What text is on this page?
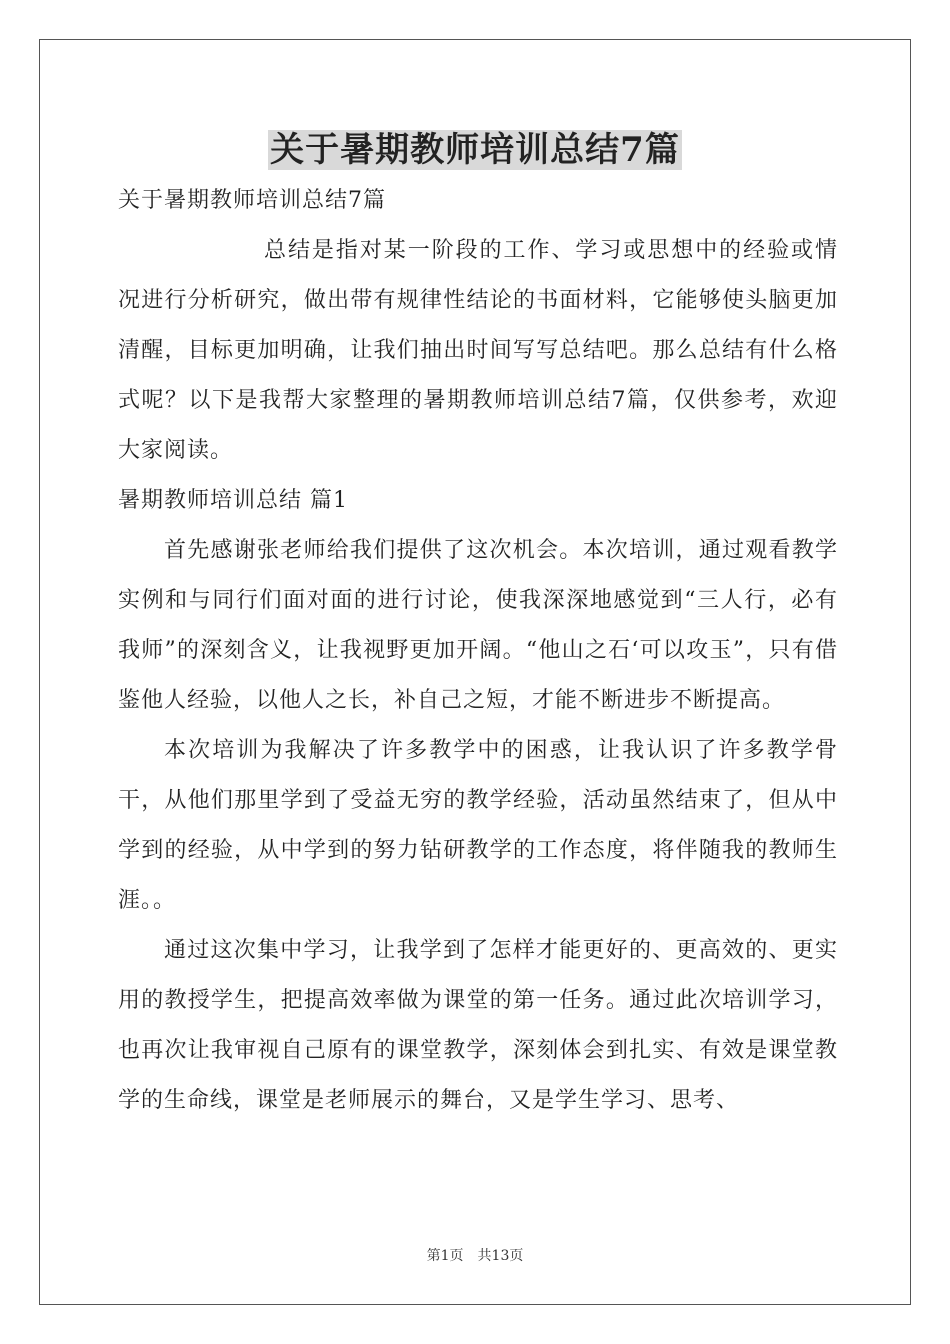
关于暑期教师培训总结7篇

关于暑期教师培训总结7篇

总结是指对某一阶段的工作、学习或思想中的经验或情况进行分析研究，做出带有规律性结论的书面材料，它能够使头脑更加清醒，目标更加明确，让我们抽出时间写写总结吧。那么总结有什么格式呢？以下是我帮大家整理的暑期教师培训总结7篇，仅供参考，欢迎大家阅读。

暑期教师培训总结 篇1

首先感谢张老师给我们提供了这次机会。本次培训，通过观看教学实例和与同行们面对面的进行讨论，使我深深地感觉到“三人行，必有我师”的深刻含义，让我视野更加开阔。“他山之石‘可以攻玉”，只有借鉴他人经验，以他人之长，补自己之短，才能不断进步不断提高。

本次培训为我解决了许多教学中的困惑，让我认识了许多教学骨干，从他们那里学到了受益无穷的教学经验，活动虽然结束了，但从中学到的经验，从中学到的努力钻研教学的工作态度，将伴随我的教师生涯。。

通过这次集中学习，让我学到了怎样才能更好的、更高效的、更实用的教授学生，把提高效率做为课堂的第一任务。通过此次培训学习，也再次让我审视自己原有的课堂教学，深刻体会到扎实、有效是课堂教学的生命线，课堂是老师展示的舞台，又是学生学习、思考、

第1页 共13页
